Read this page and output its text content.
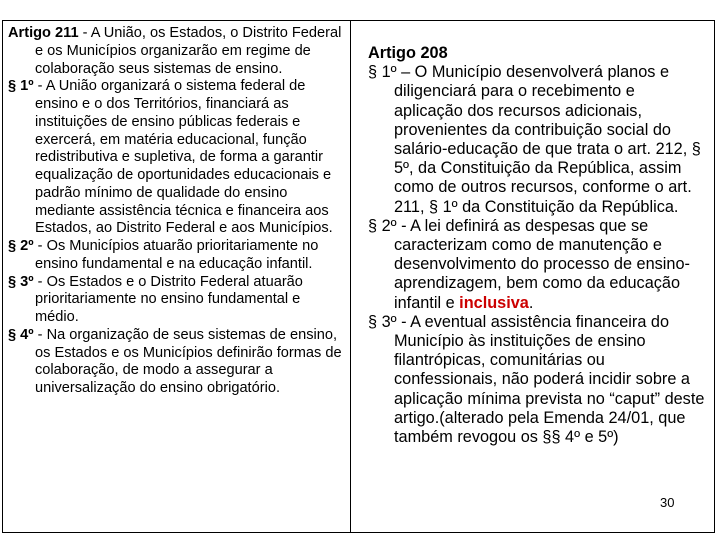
Artigo 211 - A União, os Estados, o Distrito Federal e os Municípios organizarão em regime de colaboração seus sistemas de ensino.

§ 1º - A União organizará o sistema federal de ensino e o dos Territórios, financiará as instituições de ensino públicas federais e exercerá, em matéria educacional, função redistributiva e supletiva, de forma a garantir equalização de oportunidades educacionais e padrão mínimo de qualidade do ensino mediante assistência técnica e financeira aos Estados, ao Distrito Federal e aos Municípios.

§ 2º - Os Municípios atuarão prioritariamente no ensino fundamental e na educação infantil.

§ 3º - Os Estados e o Distrito Federal atuarão prioritariamente no ensino fundamental e médio.

§ 4º - Na organização de seus sistemas de ensino, os Estados e os Municípios definirão formas de colaboração, de modo a assegurar a universalização do ensino obrigatório.

Artigo 208

§ 1º – O Município desenvolverá planos e diligenciará para o recebimento e aplicação dos recursos adicionais, provenientes da contribuição social do salário-educação de que trata o art. 212, § 5º, da Constituição da República, assim como de outros recursos, conforme o art. 211, § 1º da Constituição da República.

§ 2º - A lei definirá as despesas que se caracterizam como de manutenção e desenvolvimento do processo de ensino-aprendizagem, bem como da educação infantil e inclusiva.

§ 3º - A eventual assistência financeira do Município às instituições de ensino filantrópicas, comunitárias ou confessionais, não poderá incidir sobre a aplicação mínima prevista no “caput” deste artigo.(alterado pela Emenda 24/01, que também revogou os §§ 4º e 5º)

30
